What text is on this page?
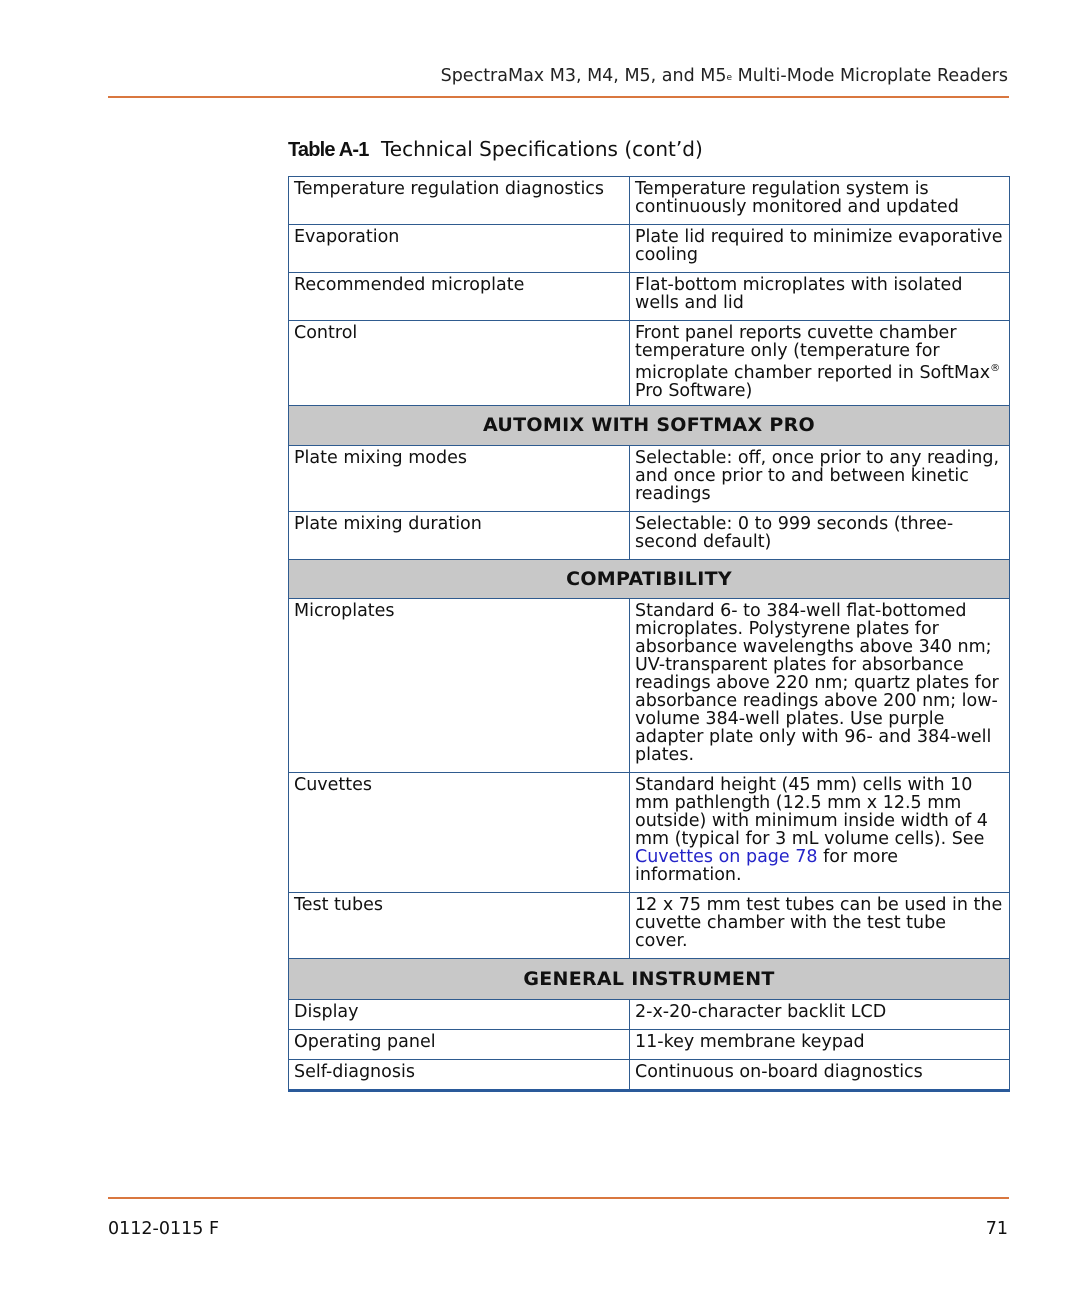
SpectraMax M3, M4, M5, and M5e Multi-Mode Microplate Readers
Table A-1 Technical Specifications (cont’d)
Temperature regulation diagnostics	Temperature regulation system is continuously monitored and updated
Evaporation	Plate lid required to minimize evaporative cooling
Recommended microplate	Flat-bottom microplates with isolated wells and lid
Control	Front panel reports cuvette chamber temperature only (temperature for microplate chamber reported in SoftMax® Pro Software)
AUTOMIX WITH SOFTMAX PRO	
Plate mixing modes	Selectable: off, once prior to any reading, and once prior to and between kinetic readings
Plate mixing duration	Selectable: 0 to 999 seconds (three-second default)
COMPATIBILITY	
Microplates	Standard 6- to 384-well flat-bottomed microplates. Polystyrene plates for absorbance wavelengths above 340 nm; UV-transparent plates for absorbance readings above 220 nm; quartz plates for absorbance readings above 200 nm; low-volume 384-well plates. Use purple adapter plate only with 96- and 384-well plates.
Cuvettes	Standard height (45 mm) cells with 10 mm pathlength (12.5 mm x 12.5 mm outside) with minimum inside width of 4 mm (typical for 3 mL volume cells). See Cuvettes on page 78 for more information.
Test tubes	12 x 75 mm test tubes can be used in the cuvette chamber with the test tube cover.
GENERAL INSTRUMENT	
Display	2-x-20-character backlit LCD
Operating panel	11-key membrane keypad
Self-diagnosis	Continuous on-board diagnostics
0112-0115 F	71
